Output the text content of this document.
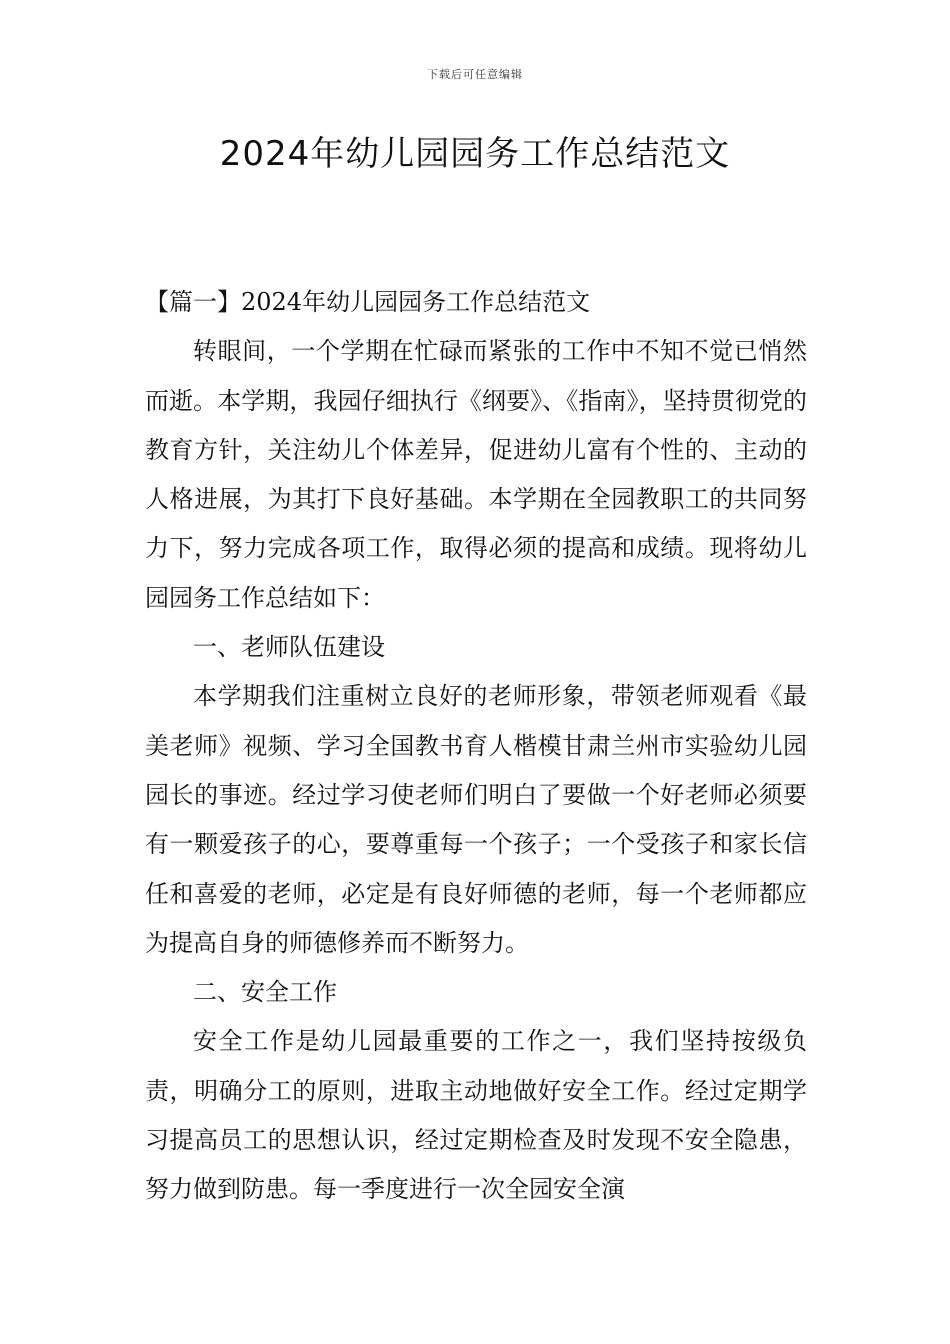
下载后可任意编辑
2024年幼儿园园务工作总结范文

【篇一】2024年幼儿园园务工作总结范文

转眼间，一个学期在忙碌而紧张的工作中不知不觉已悄然而逝。本学期，我园仔细执行《纲要》、《指南》，坚持贯彻党的教育方针，关注幼儿个体差异，促进幼儿富有个性的、主动的人格进展，为其打下良好基础。本学期在全园教职工的共同努力下，努力完成各项工作，取得必须的提高和成绩。现将幼儿园园务工作总结如下：

一、老师队伍建设

本学期我们注重树立良好的老师形象，带领老师观看《最美老师》视频、学习全国教书育人楷模甘肃兰州市实验幼儿园园长的事迹。经过学习使老师们明白了要做一个好老师必须要有一颗爱孩子的心，要尊重每一个孩子；一个受孩子和家长信任和喜爱的老师，必定是有良好师德的老师，每一个老师都应为提高自身的师德修养而不断努力。

二、安全工作

安全工作是幼儿园最重要的工作之一，我们坚持按级负责，明确分工的原则，进取主动地做好安全工作。经过定期学习提高员工的思想认识，经过定期检查及时发现不安全隐患，努力做到防患。每一季度进行一次全园安全演
